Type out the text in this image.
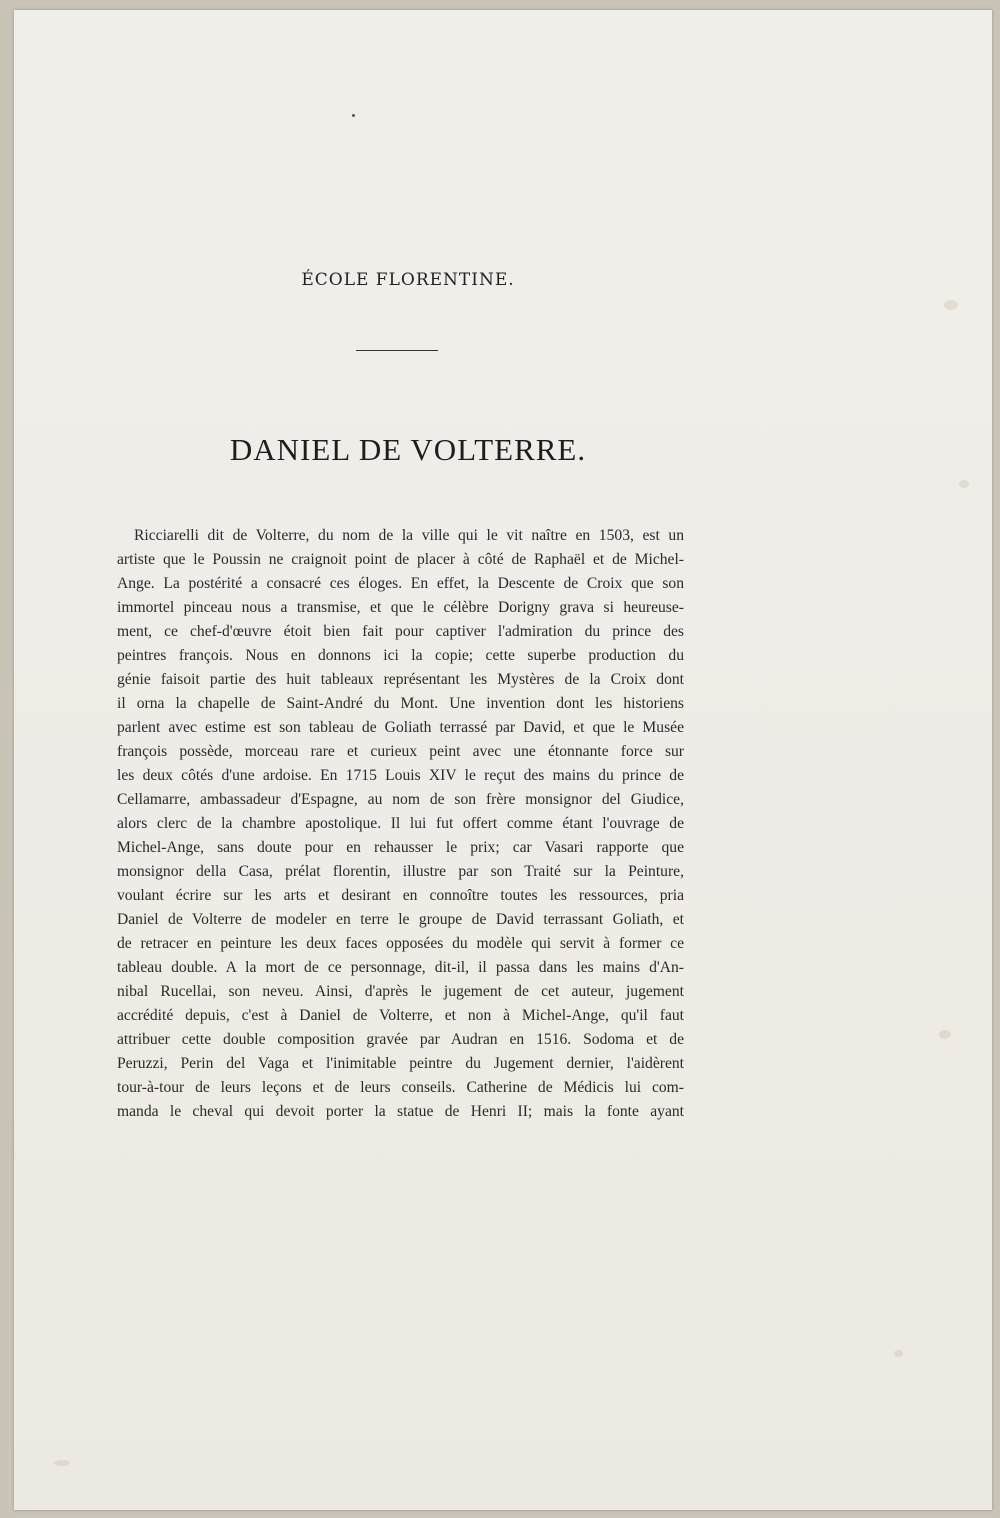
ÉCOLE FLORENTINE.
DANIEL DE VOLTERRE.
Ricciarelli dit de Volterre, du nom de la ville qui le vit naître en 1503, est un
artiste que le Poussin ne craignoit point de placer à côté de Raphaël et de Michel-
Ange. La postérité a consacré ces éloges. En effet, la Descente de Croix que son
immortel pinceau nous a transmise, et que le célèbre Dorigny grava si heureuse-
ment, ce chef-d'œuvre étoit bien fait pour captiver l'admiration du prince des
peintres françois. Nous en donnons ici la copie; cette superbe production du
génie faisoit partie des huit tableaux représentant les Mystères de la Croix dont
il orna la chapelle de Saint-André du Mont. Une invention dont les historiens
parlent avec estime est son tableau de Goliath terrassé par David, et que le Musée
françois possède, morceau rare et curieux peint avec une étonnante force sur
les deux côtés d'une ardoise. En 1715 Louis XIV le reçut des mains du prince de
Cellamarre, ambassadeur d'Espagne, au nom de son frère monsignor del Giudice,
alors clerc de la chambre apostolique. Il lui fut offert comme étant l'ouvrage de
Michel-Ange, sans doute pour en rehausser le prix; car Vasari rapporte que
monsignor della Casa, prélat florentin, illustre par son Traité sur la Peinture,
voulant écrire sur les arts et desirant en connoître toutes les ressources, pria
Daniel de Volterre de modeler en terre le groupe de David terrassant Goliath, et
de retracer en peinture les deux faces opposées du modèle qui servit à former ce
tableau double. A la mort de ce personnage, dit-il, il passa dans les mains d'An-
nibal Rucellai, son neveu. Ainsi, d'après le jugement de cet auteur, jugement
accrédité depuis, c'est à Daniel de Volterre, et non à Michel-Ange, qu'il faut
attribuer cette double composition gravée par Audran en 1516. Sodoma et de
Peruzzi, Perin del Vaga et l'inimitable peintre du Jugement dernier, l'aidèrent
tour-à-tour de leurs leçons et de leurs conseils. Catherine de Médicis lui com-
manda le cheval qui devoit porter la statue de Henri II; mais la fonte ayant
